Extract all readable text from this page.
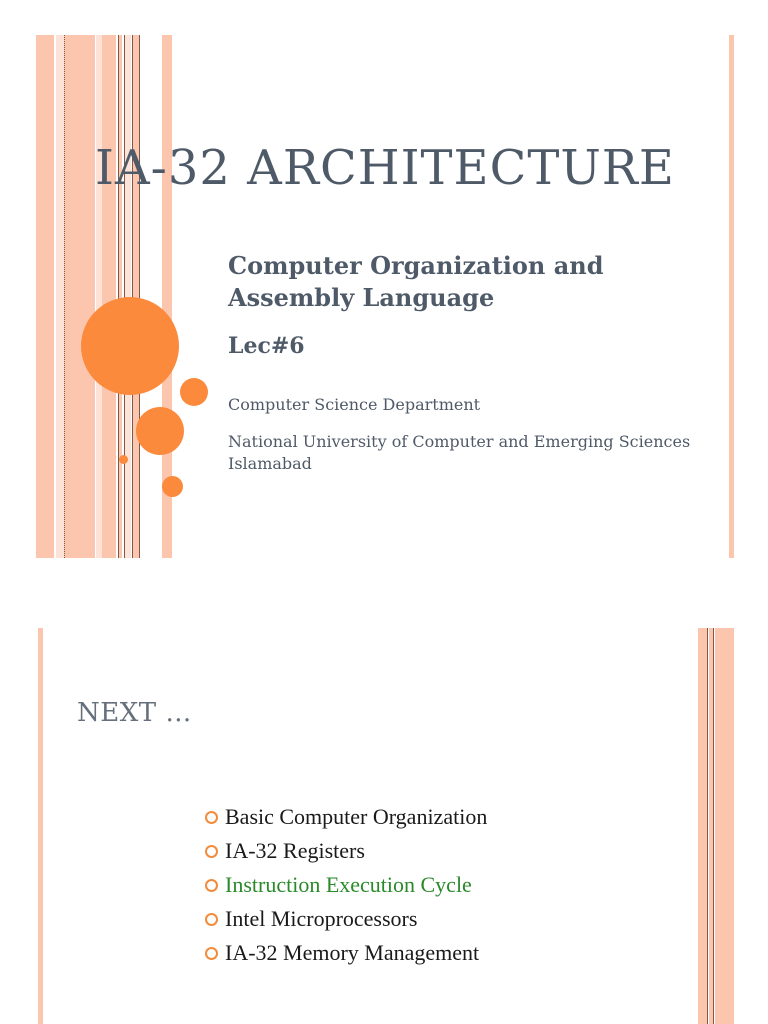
IA-32 ARCHITECTURE
Computer Organization and Assembly Language
Lec#6
Computer Science Department
National University of Computer and Emerging Sciences Islamabad
NEXT …
Basic Computer Organization
IA-32 Registers
Instruction Execution Cycle
Intel Microprocessors
IA-32 Memory Management
